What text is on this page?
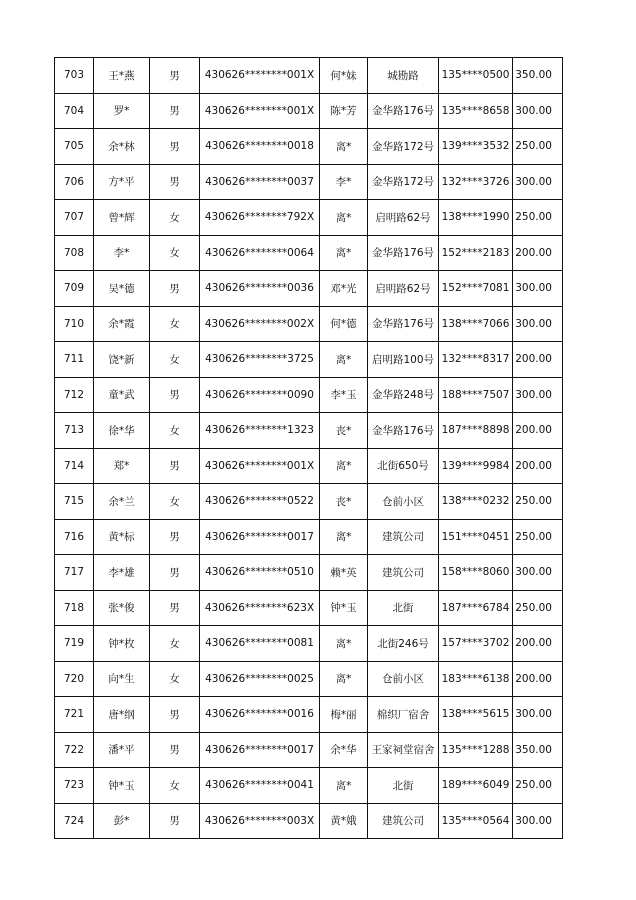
703	王*燕	男	430626********001X	何*妹	城勘路	135****0500	350.00
704	罗*	男	430626********001X	陈*芳	金华路176号	135****8658	300.00
705	余*林	男	430626********0018	离*	金华路172号	139****3532	250.00
706	方*平	男	430626********0037	李*	金华路172号	132****3726	300.00
707	曾*辉	女	430626********792X	离*	启明路62号	138****1990	250.00
708	李*	女	430626********0064	离*	金华路176号	152****2183	200.00
709	吴*德	男	430626********0036	邓*光	启明路62号	152****7081	300.00
710	余*霞	女	430626********002X	何*德	金华路176号	138****7066	300.00
711	饶*新	女	430626********3725	离*	启明路100号	132****8317	200.00
712	童*武	男	430626********0090	李*玉	金华路248号	188****7507	300.00
713	徐*华	女	430626********1323	丧*	金华路176号	187****8898	200.00
714	郑*	男	430626********001X	离*	北街650号	139****9984	200.00
715	余*兰	女	430626********0522	丧*	仓前小区	138****0232	250.00
716	黄*标	男	430626********0017	离*	建筑公司	151****0451	250.00
717	李*雄	男	430626********0510	赖*英	建筑公司	158****8060	300.00
718	张*俊	男	430626********623X	钟*玉	北街	187****6784	250.00
719	钟*枚	女	430626********0081	离*	北街246号	157****3702	200.00
720	向*生	女	430626********0025	离*	仓前小区	183****6138	200.00
721	唐*纲	男	430626********0016	梅*丽	棉织厂宿舍	138****5615	300.00
722	潘*平	男	430626********0017	余*华	王家祠堂宿舍	135****1288	350.00
723	钟*玉	女	430626********0041	离*	北街	189****6049	250.00
724	彭*	男	430626********003X	黄*娥	建筑公司	135****0564	300.00
